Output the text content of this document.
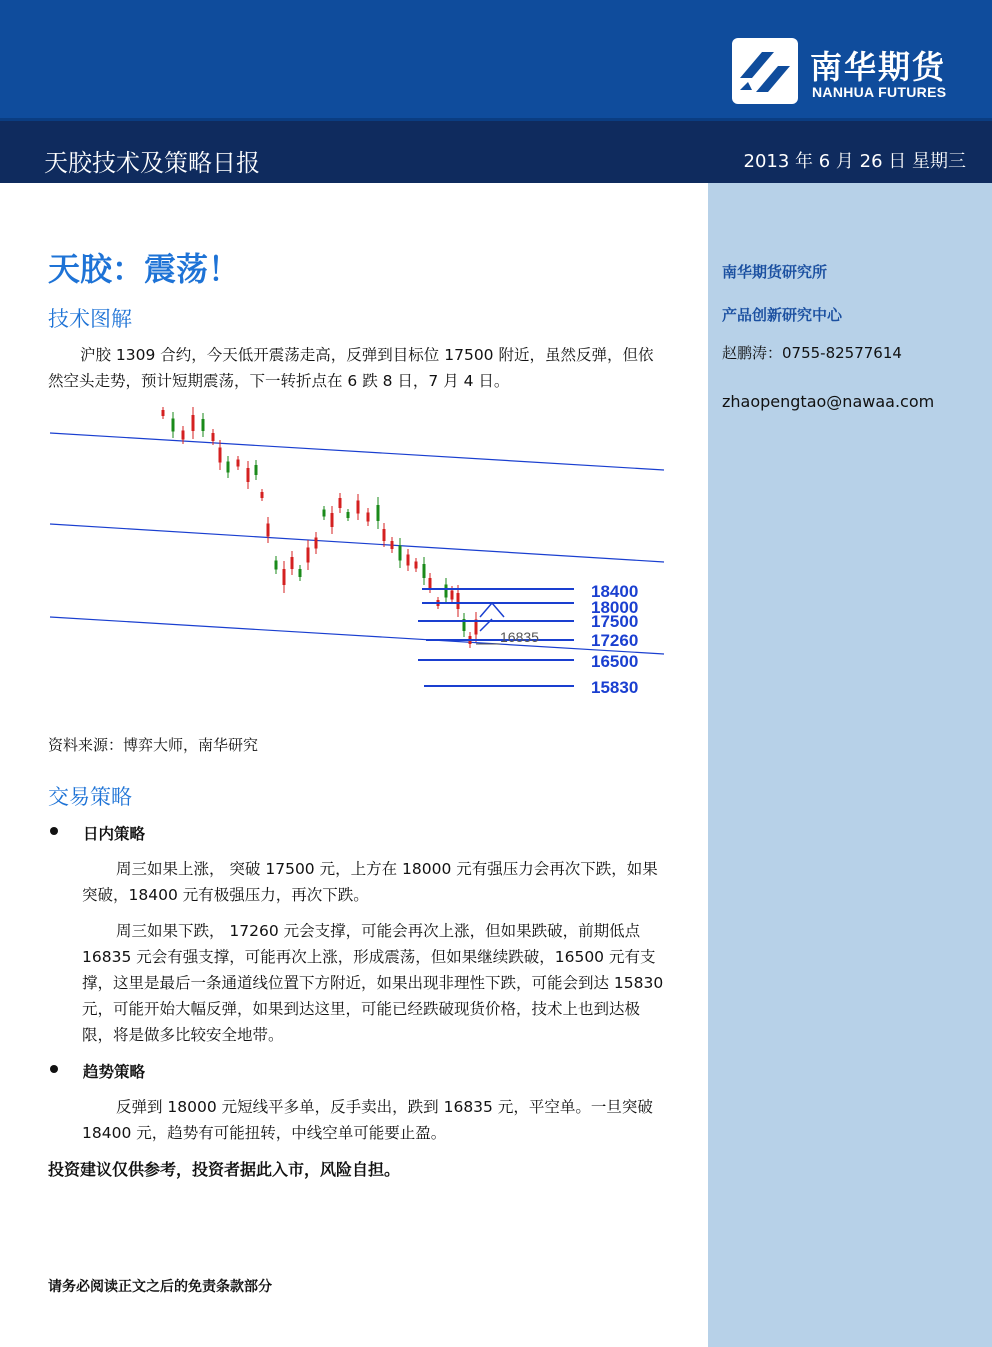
南华期货
NANHUA FUTURES
天胶技术及策略日报	2013 年 6 月 26 日 星期三
南华期货研究所
产品创新研究中心
赵鹏涛：0755-82577614
zhaopengtao@nawaa.com
天胶：震荡！
技术图解
沪胶 1309 合约，今天低开震荡走高，反弹到目标位 17500 附近，虽然反弹，但依然空头走势，预计短期震荡，下一转折点在 6 跌 8 日，7 月 4 日。
18400
18000
17500
17260
16500
15830
16835
资料来源：博弈大师，南华研究
交易策略
日内策略
周三如果上涨， 突破 17500 元，上方在 18000 元有强压力会再次下跌，如果突破，18400 元有极强压力，再次下跌。
周三如果下跌， 17260 元会支撑，可能会再次上涨，但如果跌破，前期低点 16835 元会有强支撑，可能再次上涨，形成震荡，但如果继续跌破，16500 元有支撑，这里是最后一条通道线位置下方附近，如果出现非理性下跌，可能会到达 15830 元，可能开始大幅反弹，如果到达这里，可能已经跌破现货价格，技术上也到达极限，将是做多比较安全地带。
趋势策略
反弹到 18000 元短线平多单，反手卖出，跌到 16835 元，平空单。一旦突破 18400 元，趋势有可能扭转，中线空单可能要止盈。
投资建议仅供参考，投资者据此入市，风险自担。
请务必阅读正文之后的免责条款部分
